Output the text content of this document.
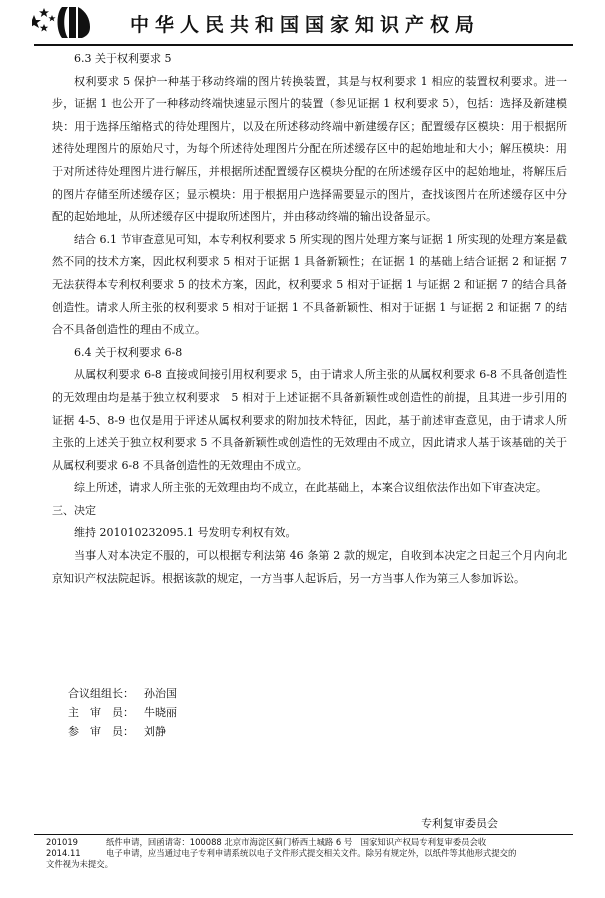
中华人民共和国国家知识产权局

6.3 关于权利要求 5

权利要求 5 保护一种基于移动终端的图片转换装置，其是与权利要求 1 相应的装置权利要求。进一步，证据 1 也公开了一种移动终端快速显示图片的装置（参见证据 1 权利要求 5），包括：选择及新建模块：用于选择压缩格式的待处理图片，以及在所述移动终端中新建缓存区；配置缓存区模块：用于根据所述待处理图片的原始尺寸，为每个所述待处理图片分配在所述缓存区中的起始地址和大小；解压模块：用于对所述待处理图片进行解压，并根据所述配置缓存区模块分配的在所述缓存区中的起始地址，将解压后的图片存储至所述缓存区；显示模块：用于根据用户选择需要显示的图片，查找该图片在所述缓存区中分配的起始地址，从所述缓存区中提取所述图片，并由移动终端的输出设备显示。

结合 6.1 节审查意见可知，本专利权利要求 5 所实现的图片处理方案与证据 1 所实现的处理方案是截然不同的技术方案，因此权利要求 5 相对于证据 1 具备新颖性；在证据 1 的基础上结合证据 2 和证据 7 无法获得本专利权利要求 5 的技术方案，因此，权利要求 5 相对于证据 1 与证据 2 和证据 7 的结合具备创造性。请求人所主张的权利要求 5 相对于证据 1 不具备新颖性、相对于证据 1 与证据 2 和证据 7 的结合不具备创造性的理由不成立。

6.4 关于权利要求 6-8

从属权利要求 6-8 直接或间接引用权利要求 5，由于请求人所主张的从属权利要求 6-8 不具备创造性的无效理由均是基于独立权利要求　5 相对于上述证据不具备新颖性或创造性的前提，且其进一步引用的证据 4-5、8-9 也仅是用于评述从属权利要求的附加技术特征，因此，基于前述审查意见，由于请求人所主张的上述关于独立权利要求 5 不具备新颖性或创造性的无效理由不成立，因此请求人基于该基础的关于从属权利要求 6-8 不具备创造性的无效理由不成立。

综上所述，请求人所主张的无效理由均不成立，在此基础上，本案合议组依法作出如下审查决定。

三、决定

维持 201010232095.1 号发明专利权有效。

当事人对本决定不服的，可以根据专利法第 46 条第 2 款的规定，自收到本决定之日起三个月内向北京知识产权法院起诉。根据该款的规定，一方当事人起诉后，另一方当事人作为第三人参加诉讼。

合议组组长： 孙治国
主　审　员： 牛晓丽
参　审　员： 刘静
专利复审委员会
201019	纸件申请，回函请寄：100088 北京市海淀区蓟门桥西土城路 6 号　国家知识产权局专利复审委员会收
2014.11	电子申请，应当通过电子专利申请系统以电子文件形式提交相关文件。除另有规定外，以纸件等其他形式提交的
文件视为未提交。
